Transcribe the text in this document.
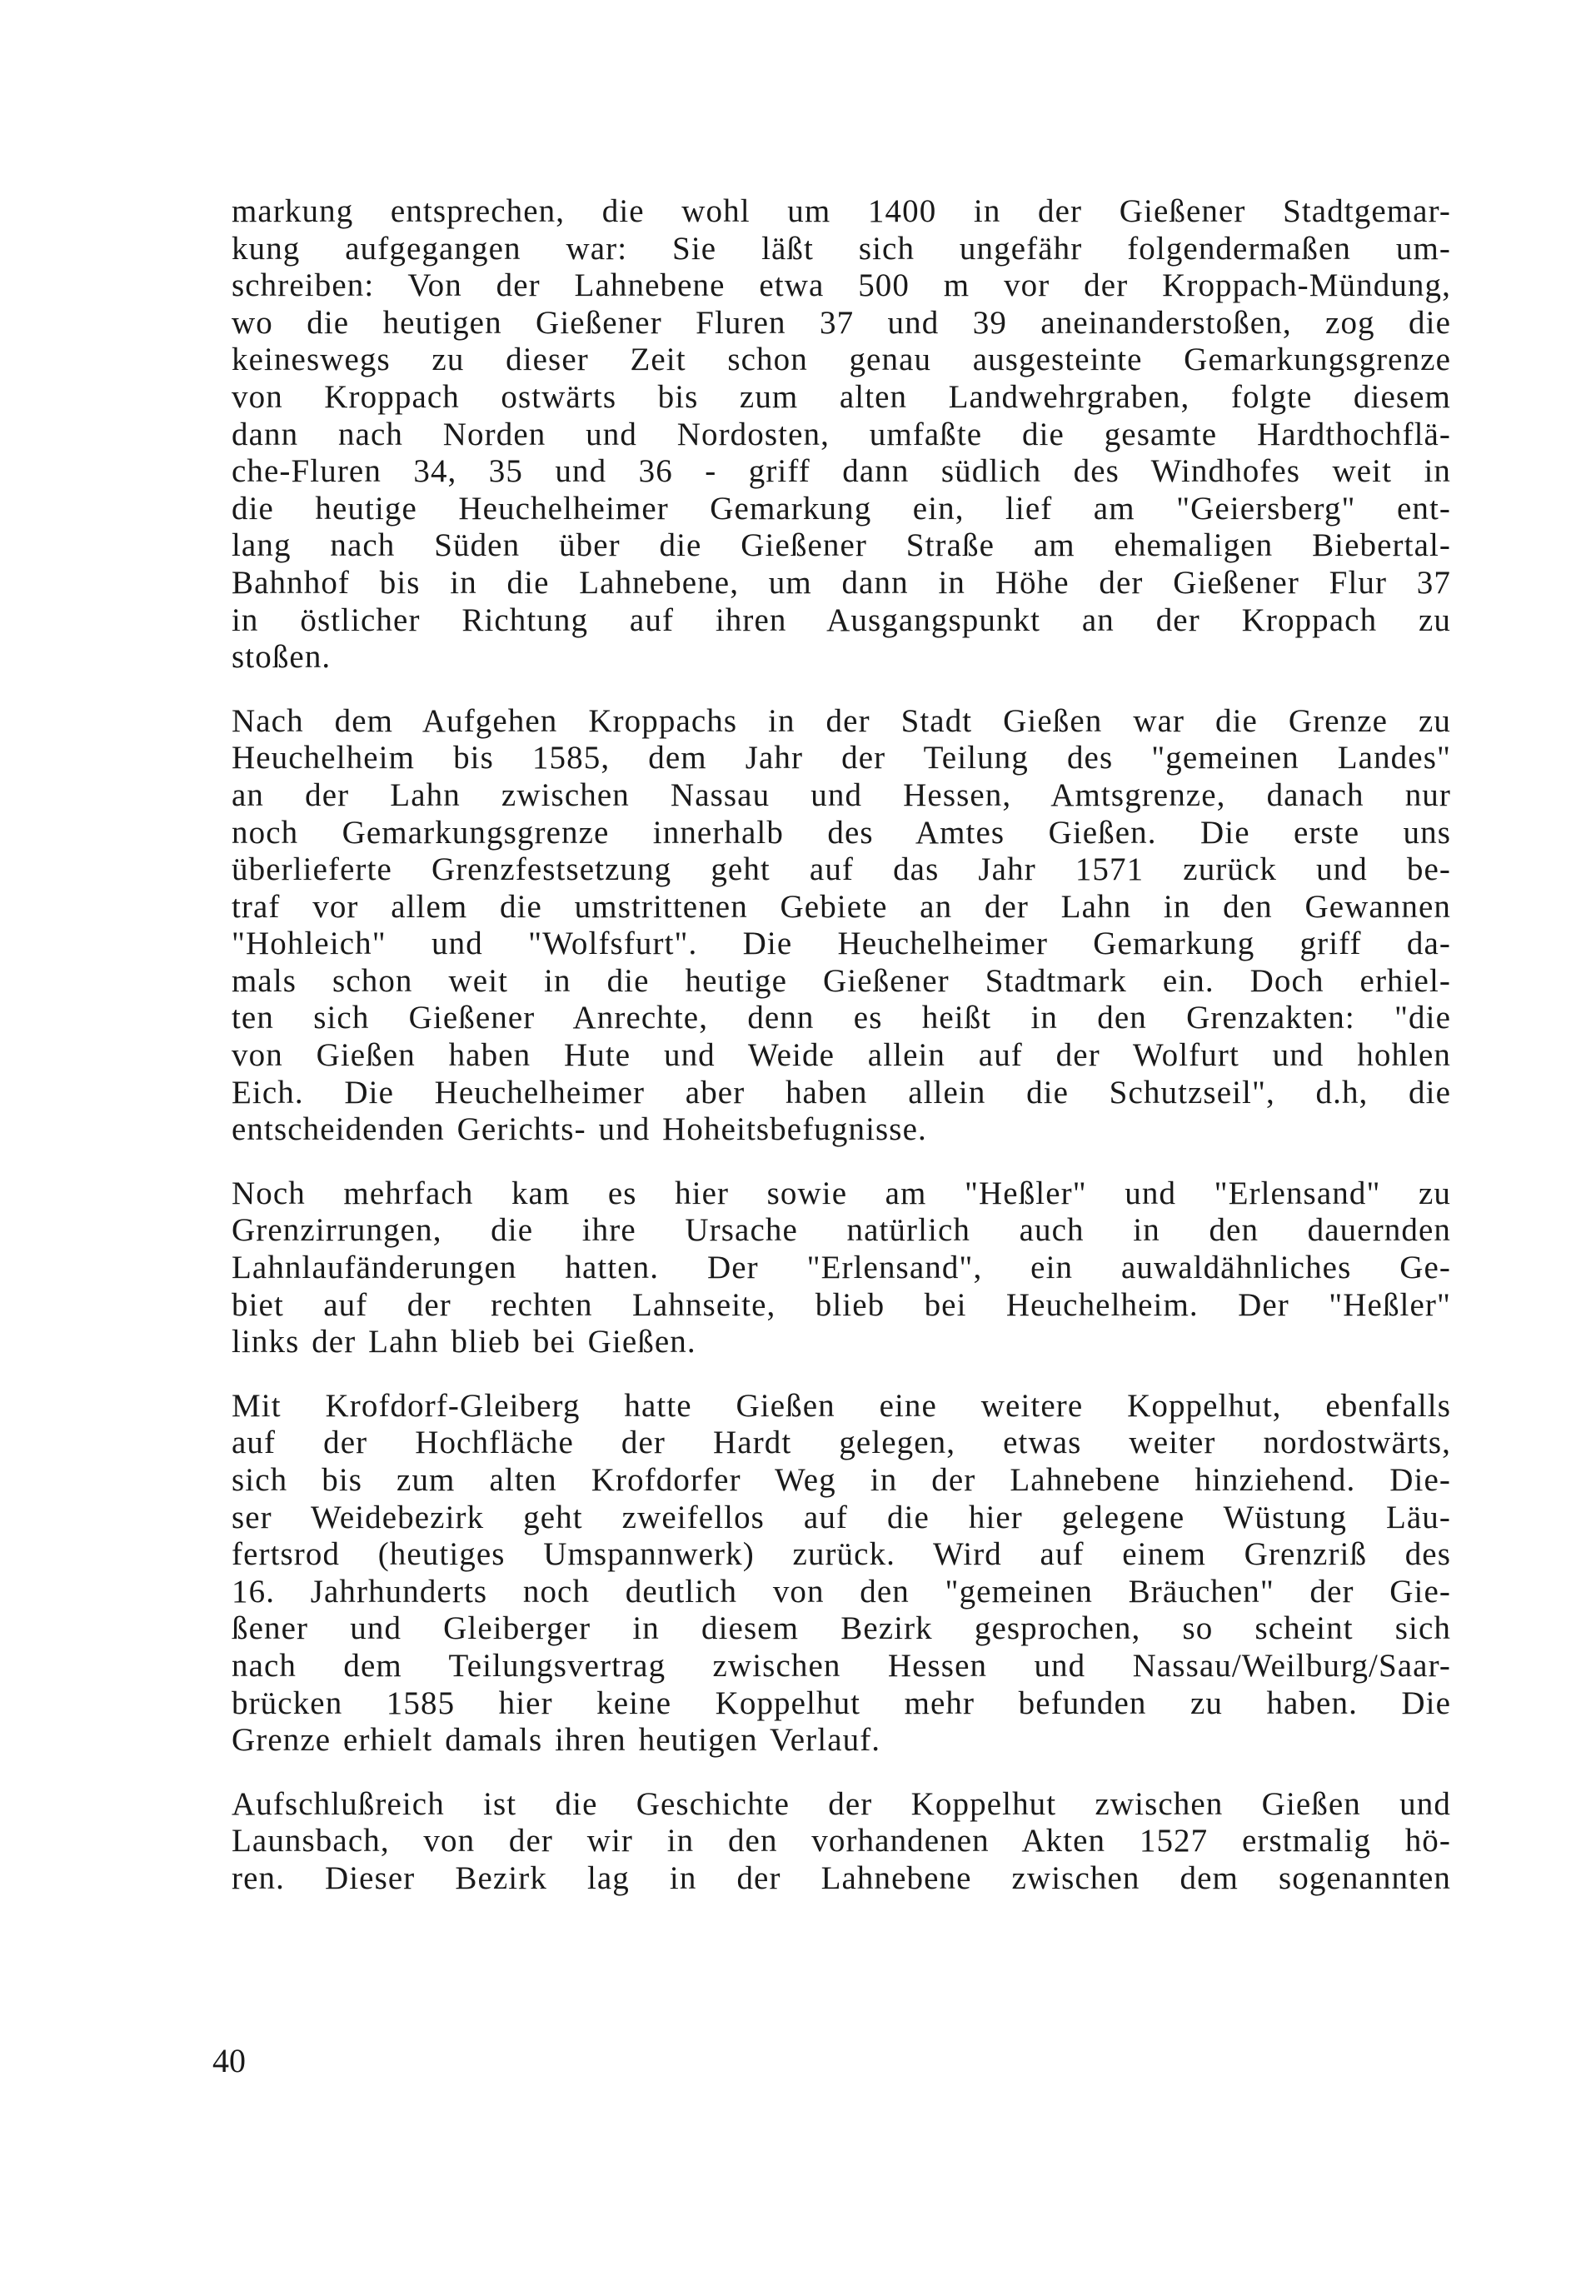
markung entsprechen, die wohl um 1400 in der Gießener Stadtgemar-
kung aufgegangen war: Sie läßt sich ungefähr folgendermaßen um-
schreiben: Von der Lahnebene etwa 500 m vor der Kroppach-Mündung,
wo die heutigen Gießener Fluren 37 und 39 aneinanderstoßen, zog die
keineswegs zu dieser Zeit schon genau ausgesteinte Gemarkungsgrenze
von Kroppach ostwärts bis zum alten Landwehrgraben, folgte diesem
dann nach Norden und Nordosten, umfaßte die gesamte Hardthochflä-
che-Fluren 34, 35 und 36 - griff dann südlich des Windhofes weit in
die heutige Heuchelheimer Gemarkung ein, lief am "Geiersberg" ent-
lang nach Süden über die Gießener Straße am ehemaligen Biebertal-
Bahnhof bis in die Lahnebene, um dann in Höhe der Gießener Flur 37
in östlicher Richtung auf ihren Ausgangspunkt an der Kroppach zu
stoßen.

Nach dem Aufgehen Kroppachs in der Stadt Gießen war die Grenze zu
Heuchelheim bis 1585, dem Jahr der Teilung des "gemeinen Landes"
an der Lahn zwischen Nassau und Hessen, Amtsgrenze, danach nur
noch Gemarkungsgrenze innerhalb des Amtes Gießen. Die erste uns
überlieferte Grenzfestsetzung geht auf das Jahr 1571 zurück und be-
traf vor allem die umstrittenen Gebiete an der Lahn in den Gewannen
"Hohleich" und "Wolfsfurt". Die Heuchelheimer Gemarkung griff da-
mals schon weit in die heutige Gießener Stadtmark ein. Doch erhiel-
ten sich Gießener Anrechte, denn es heißt in den Grenzakten: "die
von Gießen haben Hute und Weide allein auf der Wolfurt und hohlen
Eich. Die Heuchelheimer aber haben allein die Schutzseil", d.h, die
entscheidenden Gerichts- und Hoheitsbefugnisse.

Noch mehrfach kam es hier sowie am "Heßler" und "Erlensand" zu
Grenzirrungen, die ihre Ursache natürlich auch in den dauernden
Lahnlaufänderungen hatten. Der "Erlensand", ein auwaldähnliches Ge-
biet auf der rechten Lahnseite, blieb bei Heuchelheim. Der "Heßler"
links der Lahn blieb bei Gießen.

Mit Krofdorf-Gleiberg hatte Gießen eine weitere Koppelhut, ebenfalls
auf der Hochfläche der Hardt gelegen, etwas weiter nordostwärts,
sich bis zum alten Krofdorfer Weg in der Lahnebene hinziehend. Die-
ser Weidebezirk geht zweifellos auf die hier gelegene Wüstung Läu-
fertsrod (heutiges Umspannwerk) zurück. Wird auf einem Grenzriß des
16. Jahrhunderts noch deutlich von den "gemeinen Bräuchen" der Gie-
ßener und Gleiberger in diesem Bezirk gesprochen, so scheint sich
nach dem Teilungsvertrag zwischen Hessen und Nassau/Weilburg/Saar-
brücken 1585 hier keine Koppelhut mehr befunden zu haben. Die
Grenze erhielt damals ihren heutigen Verlauf.

Aufschlußreich ist die Geschichte der Koppelhut zwischen Gießen und
Launsbach, von der wir in den vorhandenen Akten 1527 erstmalig hö-
ren. Dieser Bezirk lag in der Lahnebene zwischen dem sogenannten

40
